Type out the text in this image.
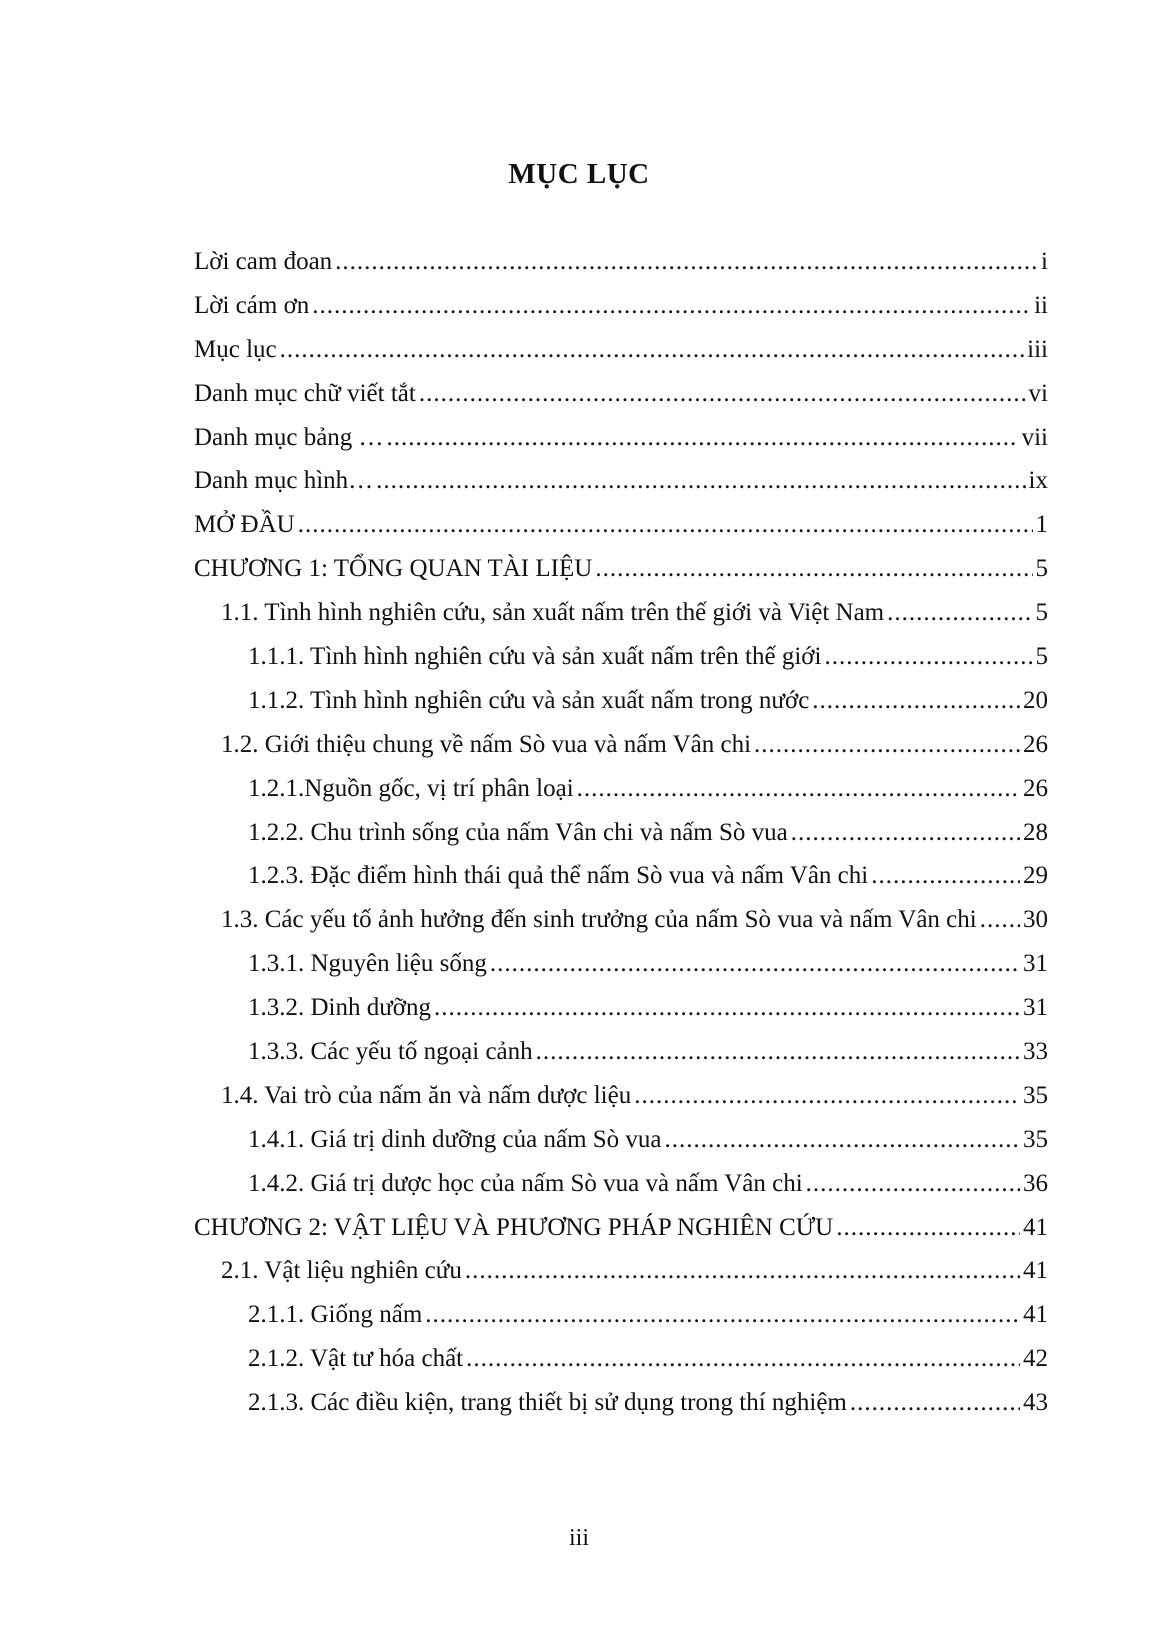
MỤC LỤC
Lời cam đoan .....	i
Lời cám ơn .....	ii
Mục lục .....	iii
Danh mục chữ viết tắt .....	vi
Danh mục bảng … .....	vii
Danh mục hình… .....	ix
MỞ ĐẦU .....	1
CHƯƠNG 1: TỔNG QUAN TÀI LIỆU .....	5
1.1. Tình hình nghiên cứu, sản xuất nấm trên thế giới và Việt Nam .....	5
1.1.1. Tình hình nghiên cứu và sản xuất nấm trên thế giới .....	5
1.1.2. Tình hình nghiên cứu và sản xuất nấm trong nước .....	20
1.2. Giới thiệu chung về nấm Sò vua và nấm Vân chi .....	26
1.2.1.Nguồn gốc, vị trí phân loại .....	26
1.2.2. Chu trình sống của nấm Vân chi và nấm Sò vua .....	28
1.2.3. Đặc điểm hình thái quả thể nấm Sò vua và nấm Vân chi .....	29
1.3. Các yếu tố ảnh hưởng đến sinh trưởng của nấm Sò vua và nấm Vân chi ..... 30
1.3.1. Nguyên liệu sống .....	31
1.3.2. Dinh dưỡng .....	31
1.3.3. Các yếu tố ngoại cảnh .....	33
1.4. Vai trò của nấm ăn và nấm dược liệu .....	35
1.4.1. Giá trị dinh dưỡng của nấm Sò vua .....	35
1.4.2. Giá trị dược học của nấm Sò vua và nấm Vân chi .....	36
CHƯƠNG 2: VẬT LIỆU VÀ PHƯƠNG PHÁP NGHIÊN CỨU .....	41
2.1. Vật liệu nghiên cứu .....	41
2.1.1. Giống nấm .....	41
2.1.2. Vật tư hóa chất .....	42
2.1.3. Các điều kiện, trang thiết bị sử dụng trong thí nghiệm .....	43
iii
